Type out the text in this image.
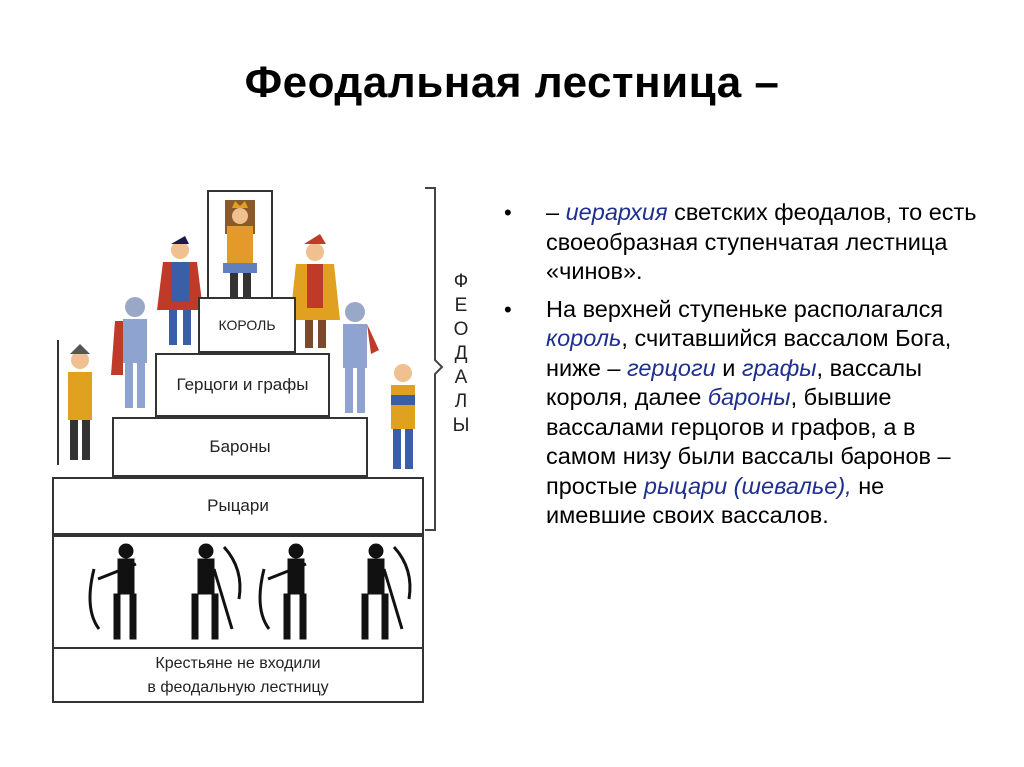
Феодальная лестница –
КОРОЛЬ
Герцоги и графы
Бароны
Рыцари
Крестьяне не входили
в феодальную лестницу
ФЕОДАЛЫ
• – иерархия светских феодалов, то есть своеобразная ступенчатая лестница «чинов».
• На верхней ступеньке располагался король, считавшийся вассалом Бога, ниже – герцоги и графы, вассалы короля, далее бароны, бывшие вассалами герцогов и графов, а в самом низу были вассалы баронов – простые рыцари (шевалье), не имевшие своих вассалов.
